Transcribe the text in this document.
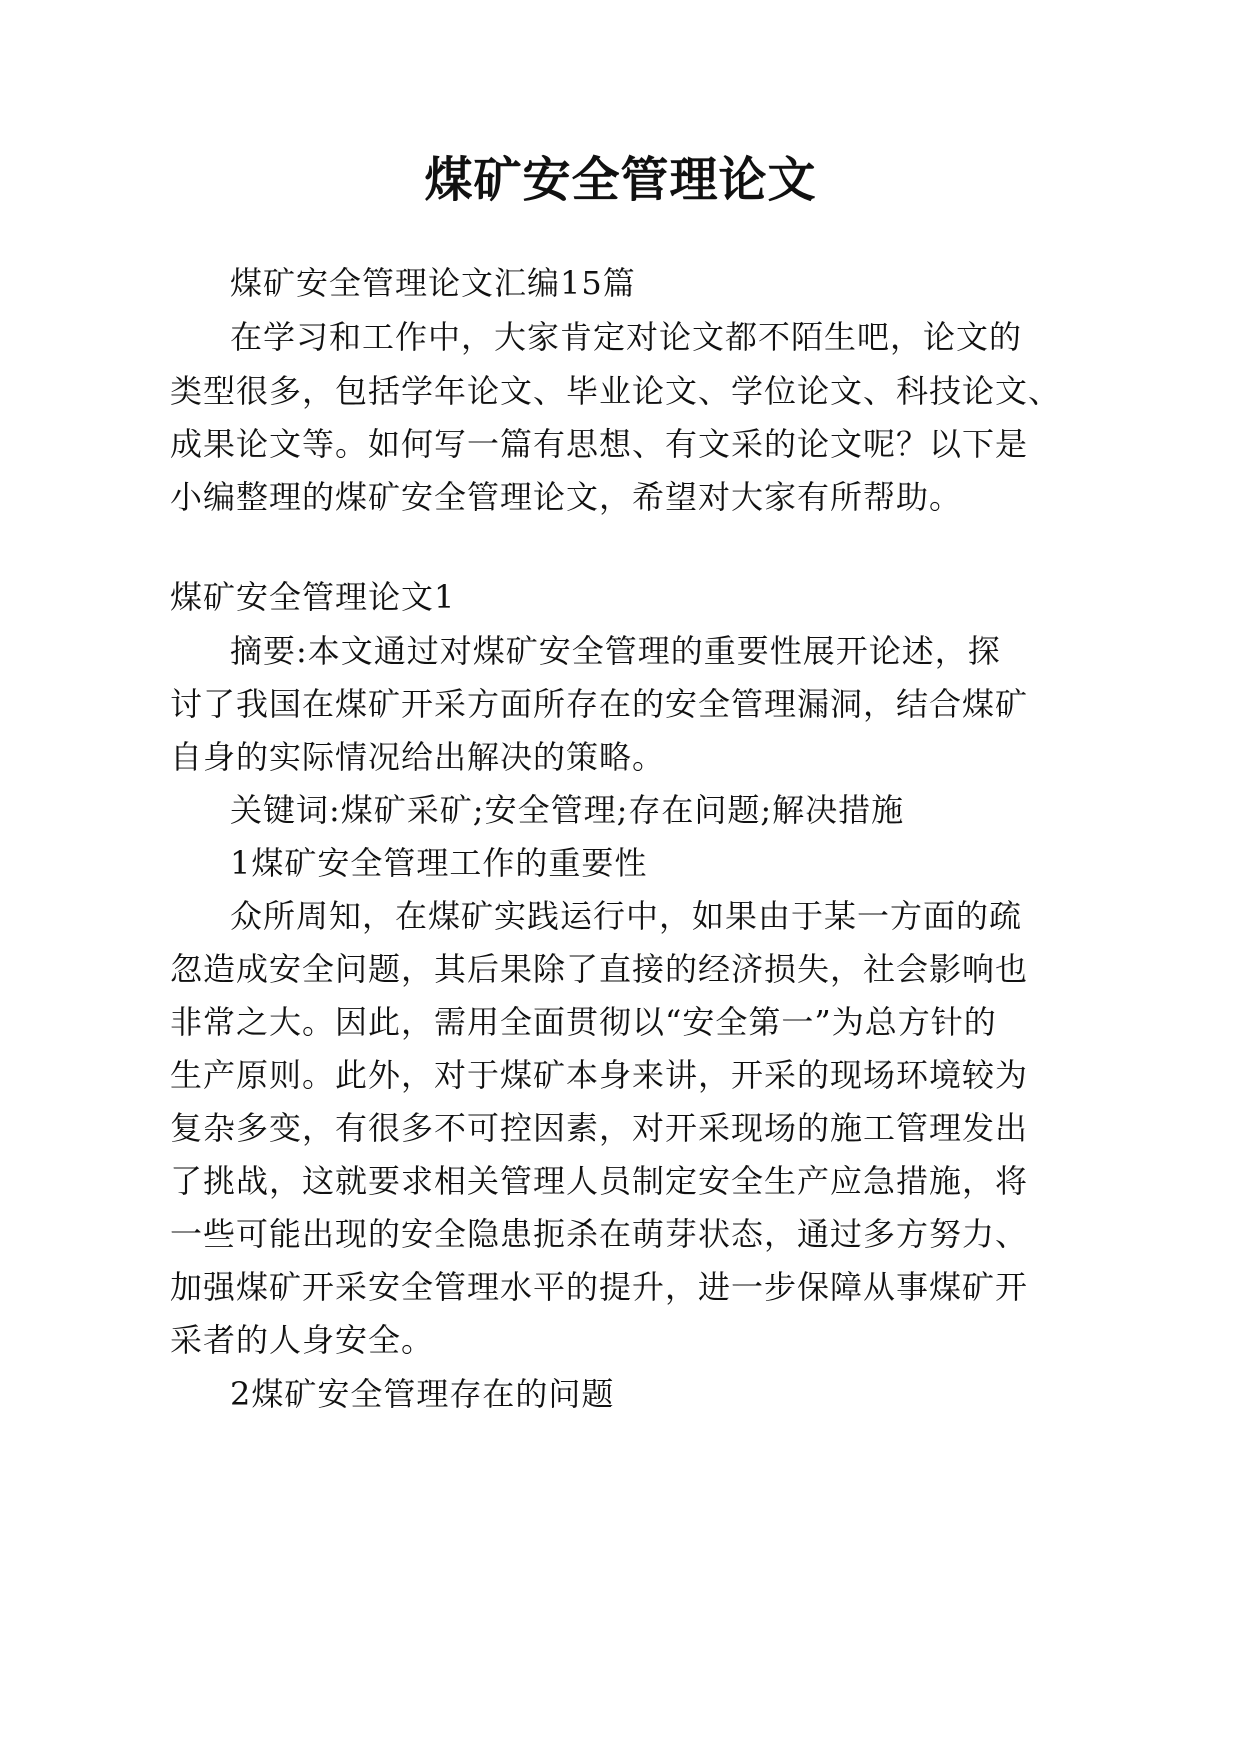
煤矿安全管理论文
煤矿安全管理论文汇编15篇
在学习和工作中，大家肯定对论文都不陌生吧，论文的
类型很多，包括学年论文、毕业论文、学位论文、科技论文、
成果论文等。如何写一篇有思想、有文采的论文呢？以下是
小编整理的煤矿安全管理论文，希望对大家有所帮助。
煤矿安全管理论文1
摘要:本文通过对煤矿安全管理的重要性展开论述，探
讨了我国在煤矿开采方面所存在的安全管理漏洞，结合煤矿
自身的实际情况给出解决的策略。
关键词:煤矿采矿;安全管理;存在问题;解决措施
1煤矿安全管理工作的重要性
众所周知，在煤矿实践运行中，如果由于某一方面的疏
忽造成安全问题，其后果除了直接的经济损失，社会影响也
非常之大。因此，需用全面贯彻以“安全第一”为总方针的
生产原则。此外，对于煤矿本身来讲，开采的现场环境较为
复杂多变，有很多不可控因素，对开采现场的施工管理发出
了挑战，这就要求相关管理人员制定安全生产应急措施，将
一些可能出现的安全隐患扼杀在萌芽状态，通过多方努力、
加强煤矿开采安全管理水平的提升，进一步保障从事煤矿开
采者的人身安全。
2煤矿安全管理存在的问题
